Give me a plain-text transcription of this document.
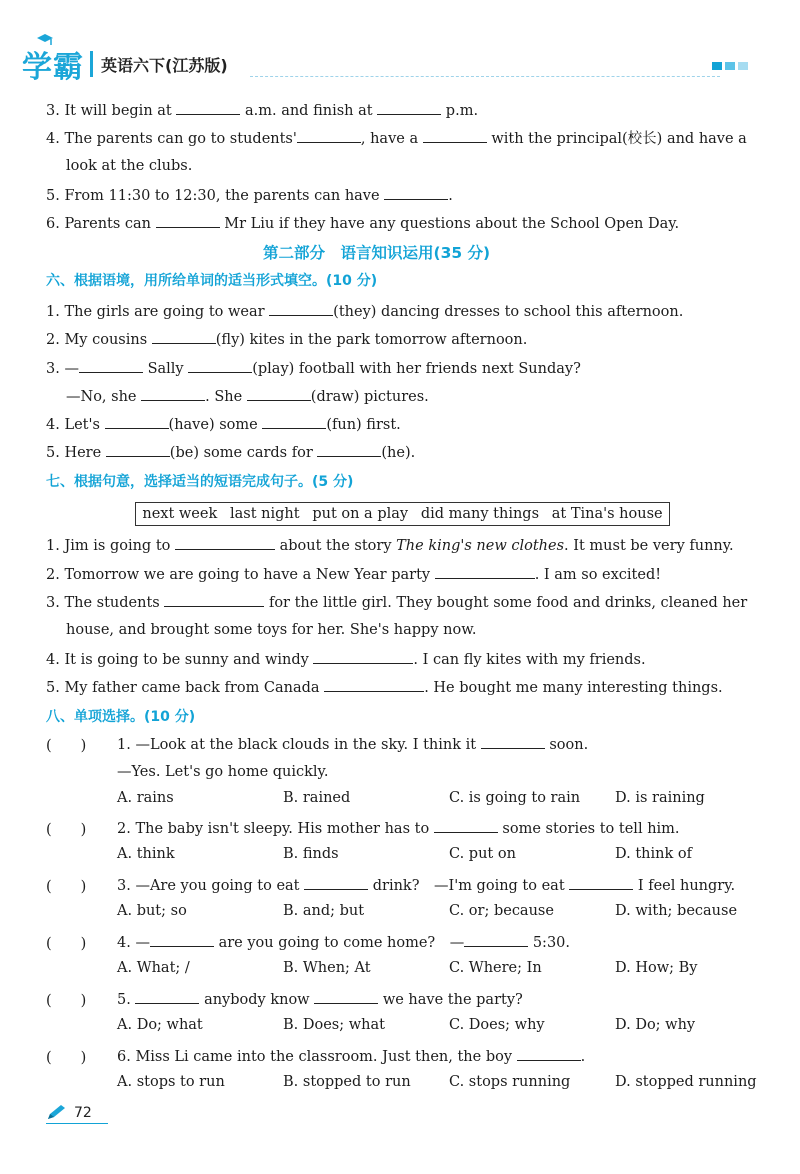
学霸 英语六下(江苏版)
3. It will begin at	a.m. and finish at	p.m.
4. The parents can go to students'	, have a	with the principal(校长) and have a
look at the clubs.
5. From 11:30 to 12:30, the parents can have	.
6. Parents can	Mr Liu if they have any questions about the School Open Day.
第二部分　语言知识运用(35 分)
六、根据语境，用所给单词的适当形式填空。(10 分)
1. The girls are going to wear	(they) dancing dresses to school this afternoon.
2. My cousins	(fly) kites in the park tomorrow afternoon.
3. —	Sally	(play) football with her friends next Sunday?
—No, she	. She	(draw) pictures.
4. Let's	(have) some	(fun) first.
5. Here	(be) some cards for	(he).
七、根据句意，选择适当的短语完成句子。(5 分)
next week last night put on a play did many things at Tina's house
1. Jim is going to	about the story The king's new clothes. It must be very funny.
2. Tomorrow we are going to have a New Year party	. I am so excited!
3. The students	for the little girl. They bought some food and drinks, cleaned her
house, and brought some toys for her. She's happy now.
4. It is going to be sunny and windy	. I can fly kites with my friends.
5. My father came back from Canada	. He bought me many interesting things.
八、单项选择。(10 分)
(　　) 1. —Look at the black clouds in the sky. I think it	soon.
—Yes. Let's go home quickly.
A. rains	B. rained	C. is going to rain D. is raining
(　　) 2. The baby isn't sleepy. His mother has to	some stories to tell him.
A. think	B. finds	C. put on	D. think of
(　　) 3. —Are you going to eat	drink?　—I'm going to eat	I feel hungry.
A. but; so	B. and; but	C. or; because	D. with; because
(　　) 4. —	are you going to come home?　—	5:30.
A. What; /	B. When; At	C. Where; In	D. How; By
(　　) 5.	anybody know	we have the party?
A. Do; what	B. Does; what	C. Does; why	D. Do; why
(　　) 6. Miss Li came into the classroom. Just then, the boy	.
A. stops to run	B. stopped to run	C. stops running	D. stopped running
72
